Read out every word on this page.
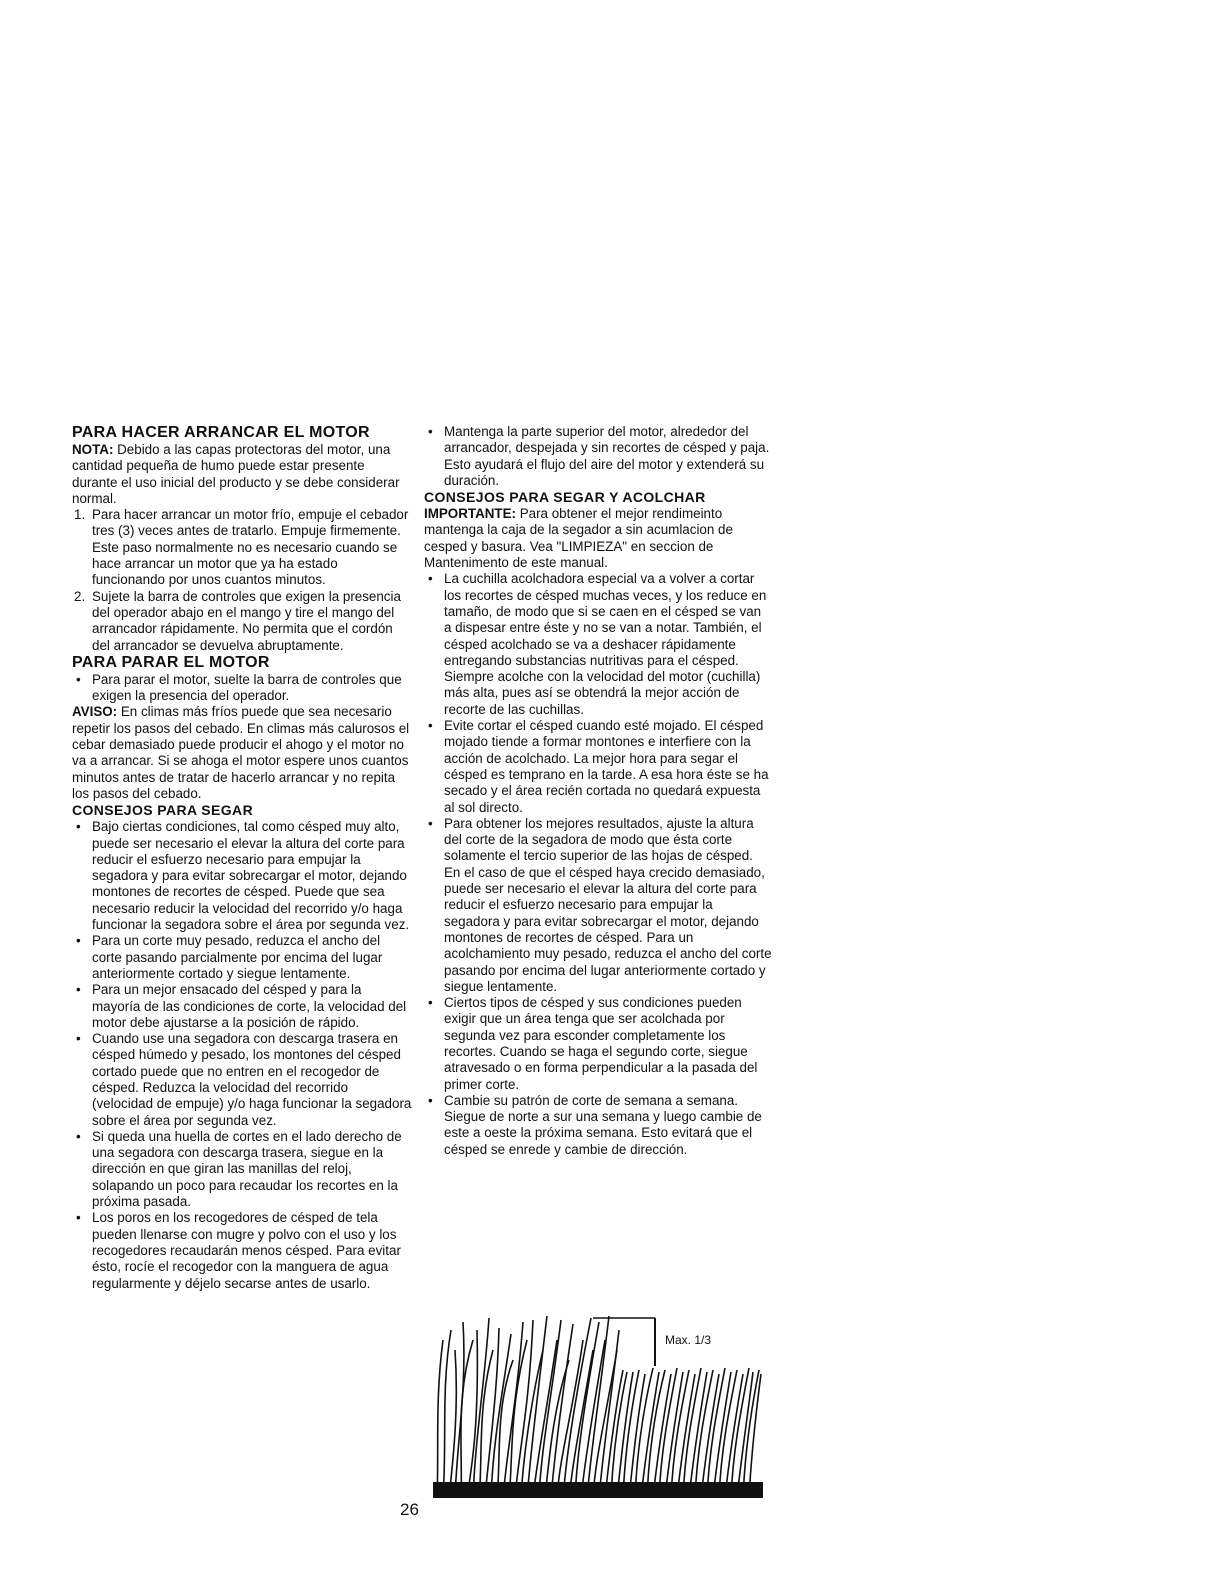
PARA HACER ARRANCAR EL MOTOR

NOTA: Debido a las capas protectoras del motor, una cantidad pequeña de humo puede estar presente durante el uso inicial del producto y se debe considerar normal.

1. Para hacer arrancar un motor frío, empuje el cebador tres (3) veces antes de tratarlo. Empuje firmemente. Este paso normalmente no es necesario cuando se hace arrancar un motor que ya ha estado funcionando por unos cuantos minutos.
2. Sujete la barra de controles que exigen la presencia del operador abajo en el mango y tire el mango del arrancador rápidamente. No permita que el cordón del arrancador se devuelva abruptamente.
PARA PARAR EL MOTOR
• Para parar el motor, suelte la barra de controles que exigen la presencia del operador.

AVISO: En climas más fríos puede que sea necesario repetir los pasos del cebado. En climas más calurosos el cebar demasiado puede producir el ahogo y el motor no va a arrancar. Si se ahoga el motor espere unos cuantos minutos antes de tratar de hacerlo arrancar y no repita los pasos del cebado.

CONSEJOS PARA SEGAR
• Bajo ciertas condiciones, tal como césped muy alto, puede ser necesario el elevar la altura del corte para reducir el esfuerzo necesario para empujar la segadora y para evitar sobrecargar el motor, dejando montones de recortes de césped. Puede que sea necesario reducir la velocidad del recorrido y/o haga funcionar la segadora sobre el área por segunda vez.
• Para un corte muy pesado, reduzca el ancho del corte pasando parcialmente por encima del lugar anteriormente cortado y siegue lentamente.
• Para un mejor ensacado del césped y para la mayoría de las condiciones de corte, la velocidad del motor debe ajustarse a la posición de rápido.
• Cuando use una segadora con descarga trasera en césped húmedo y pesado, los montones del césped cortado puede que no entren en el recogedor de césped. Reduzca la velocidad del recorrido (velocidad de empuje) y/o haga funcionar la segadora sobre el área por segunda vez.
• Si queda una huella de cortes en el lado derecho de una segadora con descarga trasera, siegue en la dirección en que giran las manillas del reloj, solapando un poco para recaudar los recortes en la próxima pasada.
• Los poros en los recogedores de césped de tela pueden llenarse con mugre y polvo con el uso y los recogedores recaudarán menos césped. Para evitar ésto, rocíe el recogedor con la manguera de agua regularmente y déjelo secarse antes de usarlo.
• Mantenga la parte superior del motor, alrededor del arrancador, despejada y sin recortes de césped y paja. Esto ayudará el flujo del aire del motor y extenderá su duración.
CONSEJOS PARA SEGAR Y ACOLCHAR

IMPORTANTE: Para obtener el mejor rendimeinto mantenga la caja de la segador a sin acumlacion de cesped y basura. Vea "LIMPIEZA" en seccion de Mantenimento de este manual.

• La cuchilla acolchadora especial va a volver a cortar los recortes de césped muchas veces, y los reduce en tamaño, de modo que si se caen en el césped se van a dispesar entre éste y no se van a notar. También, el césped acolchado se va a deshacer rápidamente entregando substancias nutritivas para el césped. Siempre acolche con la velocidad del motor (cuchilla) más alta, pues así se obtendrá la mejor acción de recorte de las cuchillas.
• Evite cortar el césped cuando esté mojado. El césped mojado tiende a formar montones e interfiere con la acción de acolchado. La mejor hora para segar el césped es temprano en la tarde. A esa hora éste se ha secado y el área recién cortada no quedará expuesta al sol directo.
• Para obtener los mejores resultados, ajuste la altura del corte de la segadora de modo que ésta corte solamente el tercio superior de las hojas de césped. En el caso de que el césped haya crecido demasiado, puede ser necesario el elevar la altura del corte para reducir el esfuerzo necesario para empujar la segadora y para evitar sobrecargar el motor, dejando montones de recortes de césped. Para un acolchamiento muy pesado, reduzca el ancho del corte pasando por encima del lugar anteriormente cortado y siegue lentamente.
• Ciertos tipos de césped y sus condiciones pueden exigir que un área tenga que ser acolchada por segunda vez para esconder completamente los recortes. Cuando se haga el segundo corte, siegue atravesado o en forma perpendicular a la pasada del primer corte.
• Cambie su patrón de corte de semana a semana. Siegue de norte a sur una semana y luego cambie de este a oeste la próxima semana. Esto evitará que el césped se enrede y cambie de dirección.
Max. 1/3
26
